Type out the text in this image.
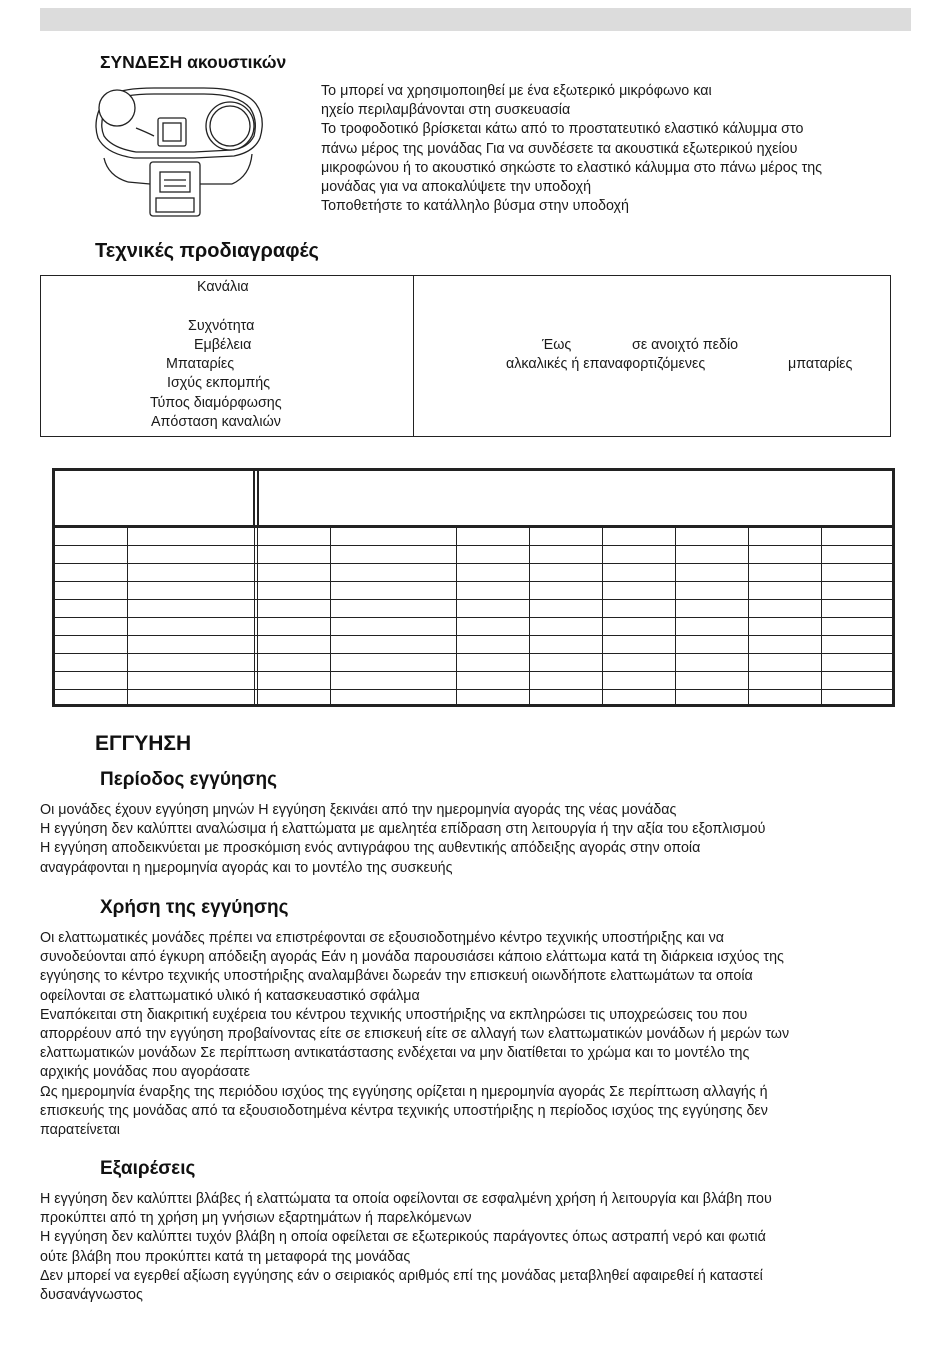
ΣΥΝΔΕΣΗ ακουστικών
Το μπορεί να χρησιμοποιηθεί με ένα εξωτερικό μικρόφωνο και
ηχείο περιλαμβάνονται στη συσκευασία
Το τροφοδοτικό βρίσκεται κάτω από το προστατευτικό ελαστικό κάλυμμα στο
πάνω μέρος της μονάδας Για να συνδέσετε τα ακουστικά εξωτερικού ηχείου
μικροφώνου ή το ακουστικό σηκώστε το ελαστικό κάλυμμα στο πάνω μέρος της
μονάδας για να αποκαλύψετε την υποδοχή
Τοποθετήστε το κατάλληλο βύσμα στην υποδοχή
Τεχνικές προδιαγραφές
Κανάλια
Συχνότητα
Εμβέλεια
Μπαταρίες
Ισχύς εκπομπής
Τύπος διαμόρφωσης
Απόσταση καναλιών
Έως	σε ανοιχτό πεδίο
αλκαλικές ή επαναφορτιζόμενες	μπαταρίες
ΕΓΓΥΗΣΗ
Περίοδος εγγύησης
Οι μονάδες έχουν εγγύηση μηνών Η εγγύηση ξεκινάει από την ημερομηνία αγοράς της νέας μονάδας
Η εγγύηση δεν καλύπτει αναλώσιμα ή ελαττώματα με αμελητέα επίδραση στη λειτουργία ή την αξία του εξοπλισμού
Η εγγύηση αποδεικνύεται με προσκόμιση ενός αντιγράφου της αυθεντικής απόδειξης αγοράς στην οποία
αναγράφονται η ημερομηνία αγοράς και το μοντέλο της συσκευής
Χρήση της εγγύησης
Οι ελαττωματικές μονάδες πρέπει να επιστρέφονται σε εξουσιοδοτημένο κέντρο τεχνικής υποστήριξης και να
συνοδεύονται από έγκυρη απόδειξη αγοράς Εάν η μονάδα παρουσιάσει κάποιο ελάττωμα κατά τη διάρκεια ισχύος της
εγγύησης το κέντρο τεχνικής υποστήριξης αναλαμβάνει δωρεάν την επισκευή οιωνδήποτε ελαττωμάτων τα οποία
οφείλονται σε ελαττωματικό υλικό ή κατασκευαστικό σφάλμα
Εναπόκειται στη διακριτική ευχέρεια του κέντρου τεχνικής υποστήριξης να εκπληρώσει τις υποχρεώσεις του που
απορρέουν από την εγγύηση προβαίνοντας είτε σε επισκευή είτε σε αλλαγή των ελαττωματικών μονάδων ή μερών των
ελαττωματικών μονάδων Σε περίπτωση αντικατάστασης ενδέχεται να μην διατίθεται το χρώμα και το μοντέλο της
αρχικής μονάδας που αγοράσατε
Ως ημερομηνία έναρξης της περιόδου ισχύος της εγγύησης ορίζεται η ημερομηνία αγοράς Σε περίπτωση αλλαγής ή
επισκευής της μονάδας από τα εξουσιοδοτημένα κέντρα τεχνικής υποστήριξης η περίοδος ισχύος της εγγύησης δεν
παρατείνεται
Εξαιρέσεις
Η εγγύηση δεν καλύπτει βλάβες ή ελαττώματα τα οποία οφείλονται σε εσφαλμένη χρήση ή λειτουργία και βλάβη που
προκύπτει από τη χρήση μη γνήσιων εξαρτημάτων ή παρελκόμενων
Η εγγύηση δεν καλύπτει τυχόν βλάβη η οποία οφείλεται σε εξωτερικούς παράγοντες όπως αστραπή νερό και φωτιά
ούτε βλάβη που προκύπτει κατά τη μεταφορά της μονάδας
Δεν μπορεί να εγερθεί αξίωση εγγύησης εάν ο σειριακός αριθμός επί της μονάδας μεταβληθεί αφαιρεθεί ή καταστεί
δυσανάγνωστος
